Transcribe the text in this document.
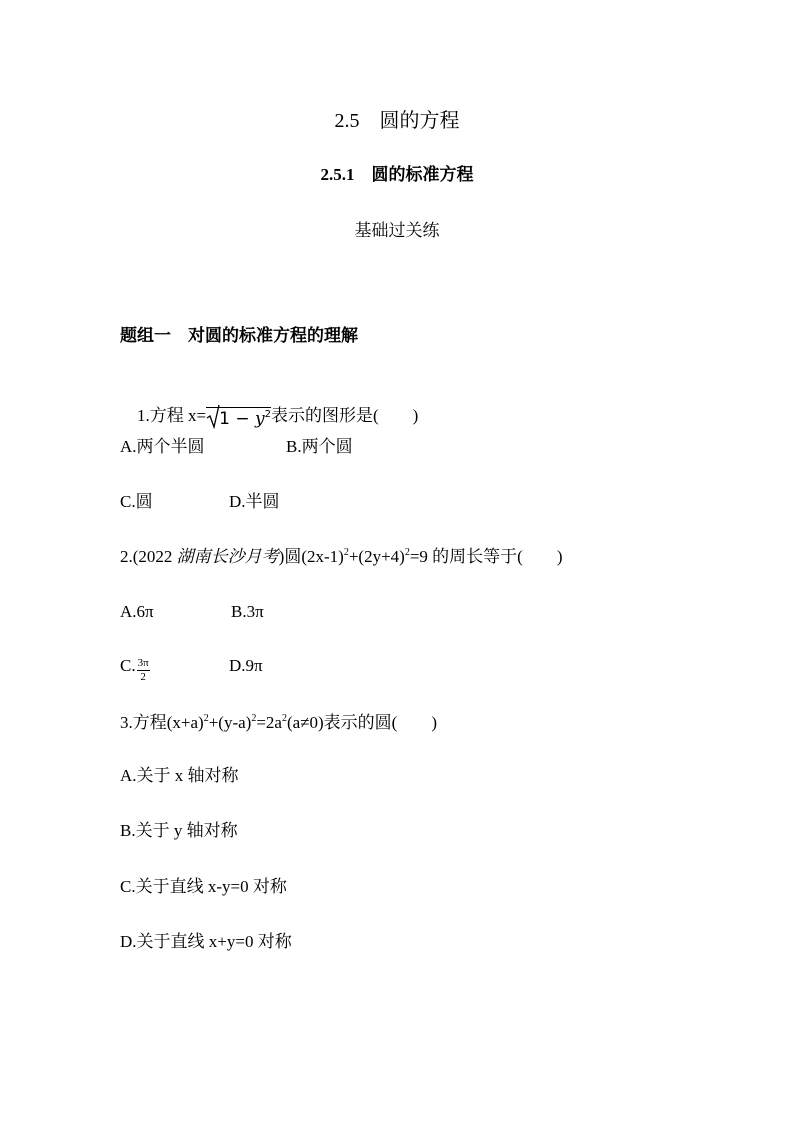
2.5　圆的方程
2.5.1　圆的标准方程
基础过关练
题组一　对圆的标准方程的理解

1.方程 $x= 1 - y^2$表示的图形是(　　)

A.两个半圆	B.两个圆
C.圆	D.半圆
2.(2022 湖南长沙月考)圆$(2x-1)^2+(2y+4)^2=9$ 的周长等于(　　)
A.6π	B.3π
C. $\frac{3\pi}{2}$	D.9π
3.方程$(x+a)^2+(y-a)^2=2a^2(a\ne 0)$表示的圆(　　)
A.关于 x 轴对称
B.关于 y 轴对称
C.关于直线 x-y=0 对称
D.关于直线 x+y=0 对称
